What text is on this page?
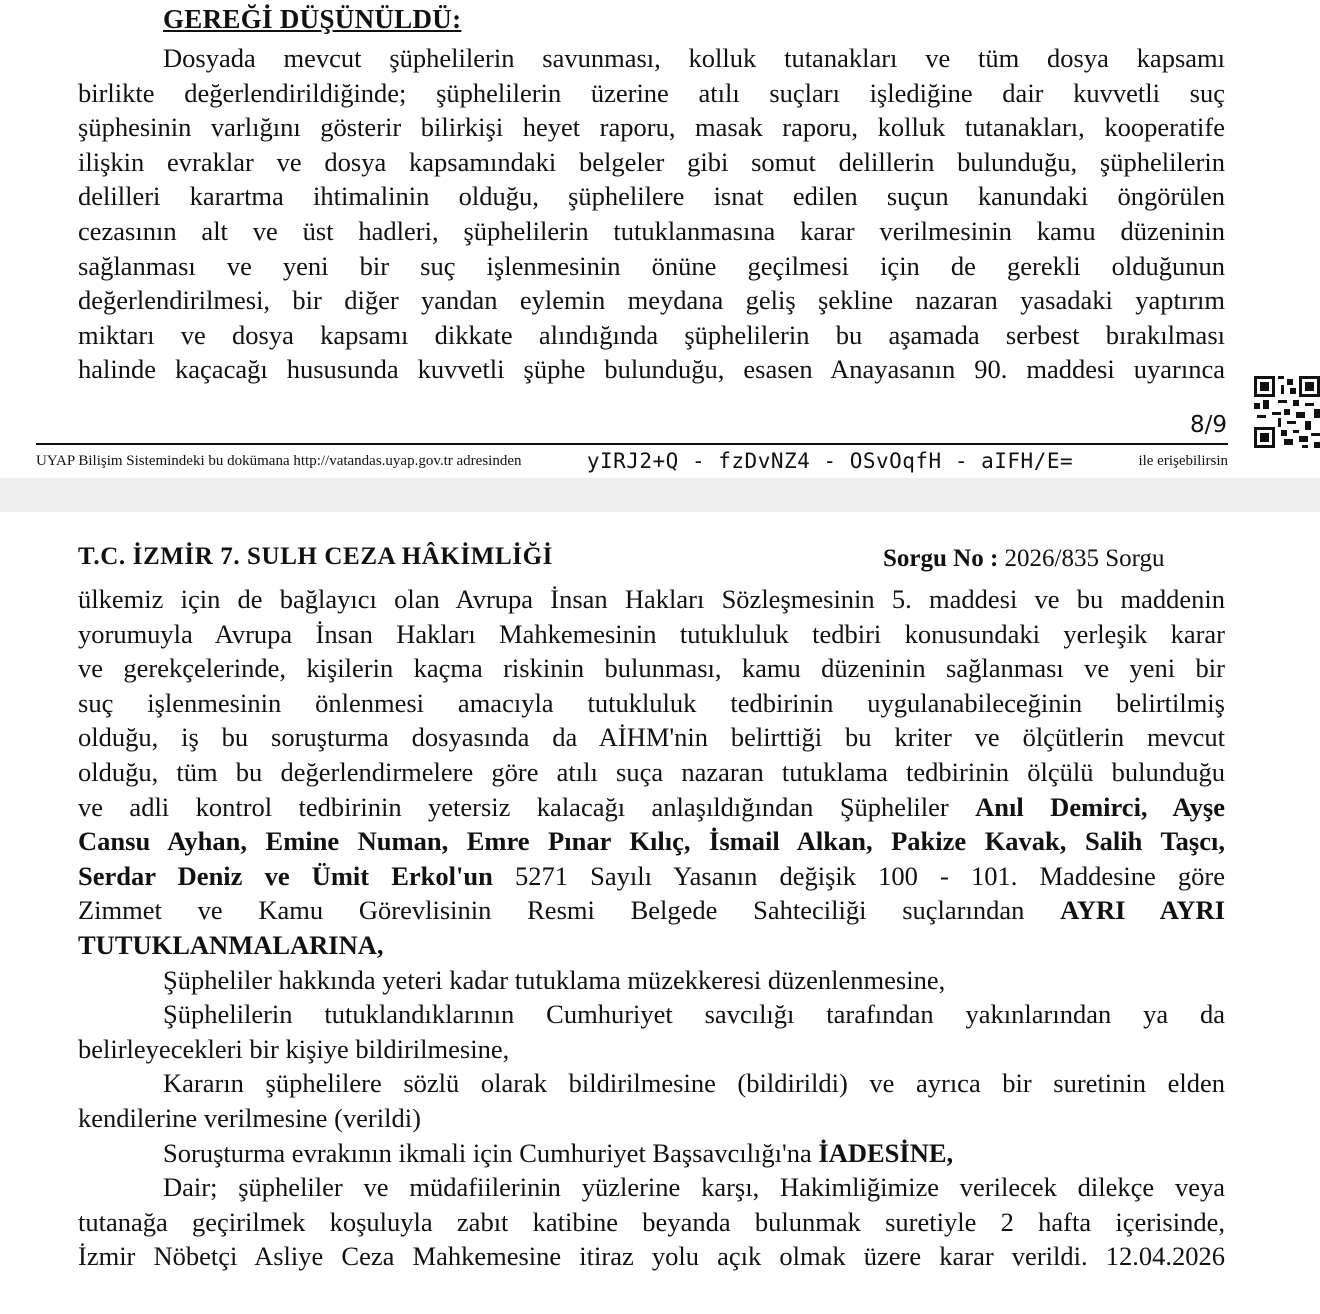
GEREĞİ DÜŞÜNÜLDÜ:
Dosyada mevcut şüphelilerin savunması, kolluk tutanakları ve tüm dosya kapsamı
birlikte değerlendirildiğinde; şüphelilerin üzerine atılı suçları işlediğine dair kuvvetli suç
şüphesinin varlığını gösterir bilirkişi heyet raporu, masak raporu, kolluk tutanakları, kooperatife
ilişkin evraklar ve dosya kapsamındaki belgeler gibi somut delillerin bulunduğu, şüphelilerin
delilleri karartma ihtimalinin olduğu, şüphelilere isnat edilen suçun kanundaki öngörülen
cezasının alt ve üst hadleri, şüphelilerin tutuklanmasına karar verilmesinin kamu düzeninin
sağlanması ve yeni bir suç işlenmesinin önüne geçilmesi için de gerekli olduğunun
değerlendirilmesi, bir diğer yandan eylemin meydana geliş şekline nazaran yasadaki yaptırım
miktarı ve dosya kapsamı dikkate alındığında şüphelilerin bu aşamada serbest bırakılması
halinde kaçacağı hususunda kuvvetli şüphe bulunduğu, esasen Anayasanın 90. maddesi uyarınca
8/9
UYAP Bilişim Sistemindeki bu dokümana http://vatandas.uyap.gov.tr adresinden	yIRJ2+Q - fzDvNZ4 - OSvOqfH - aIFH/E=	ile erişebilirsin
T.C. İZMİR 7. SULH CEZA HÂKİMLİĞİ	Sorgu No : 2026/835 Sorgu
ülkemiz için de bağlayıcı olan Avrupa İnsan Hakları Sözleşmesinin 5. maddesi ve bu maddenin
yorumuyla Avrupa İnsan Hakları Mahkemesinin tutukluluk tedbiri konusundaki yerleşik karar
ve gerekçelerinde, kişilerin kaçma riskinin bulunması, kamu düzeninin sağlanması ve yeni bir
suç işlenmesinin önlenmesi amacıyla tutukluluk tedbirinin uygulanabileceğinin belirtilmiş
olduğu, iş bu soruşturma dosyasında da AİHM'nin belirttiği bu kriter ve ölçütlerin mevcut
olduğu, tüm bu değerlendirmelere göre atılı suça nazaran tutuklama tedbirinin ölçülü bulunduğu
ve adli kontrol tedbirinin yetersiz kalacağı anlaşıldığından Şüpheliler Anıl Demirci, Ayşe
Cansu Ayhan, Emine Numan, Emre Pınar Kılıç, İsmail Alkan, Pakize Kavak, Salih Taşcı,
Serdar Deniz ve Ümit Erkol'un 5271 Sayılı Yasanın değişik 100 - 101. Maddesine göre
Zimmet ve Kamu Görevlisinin Resmi Belgede Sahteciliği suçlarından AYRI AYRI
TUTUKLANMALARINA,
Şüpheliler hakkında yeteri kadar tutuklama müzekkeresi düzenlenmesine,
Şüphelilerin tutuklandıklarının Cumhuriyet savcılığı tarafından yakınlarından ya da
belirleyecekleri bir kişiye bildirilmesine,
Kararın şüphelilere sözlü olarak bildirilmesine (bildirildi) ve ayrıca bir suretinin elden
kendilerine verilmesine (verildi)
Soruşturma evrakının ikmali için Cumhuriyet Başsavcılığı'na İADESİNE,
Dair; şüpheliler ve müdafiilerinin yüzlerine karşı, Hakimliğimize verilecek dilekçe veya
tutanağa geçirilmek koşuluyla zabıt katibine beyanda bulunmak suretiyle 2 hafta içerisinde,
İzmir Nöbetçi Asliye Ceza Mahkemesine itiraz yolu açık olmak üzere karar verildi. 12.04.2026
